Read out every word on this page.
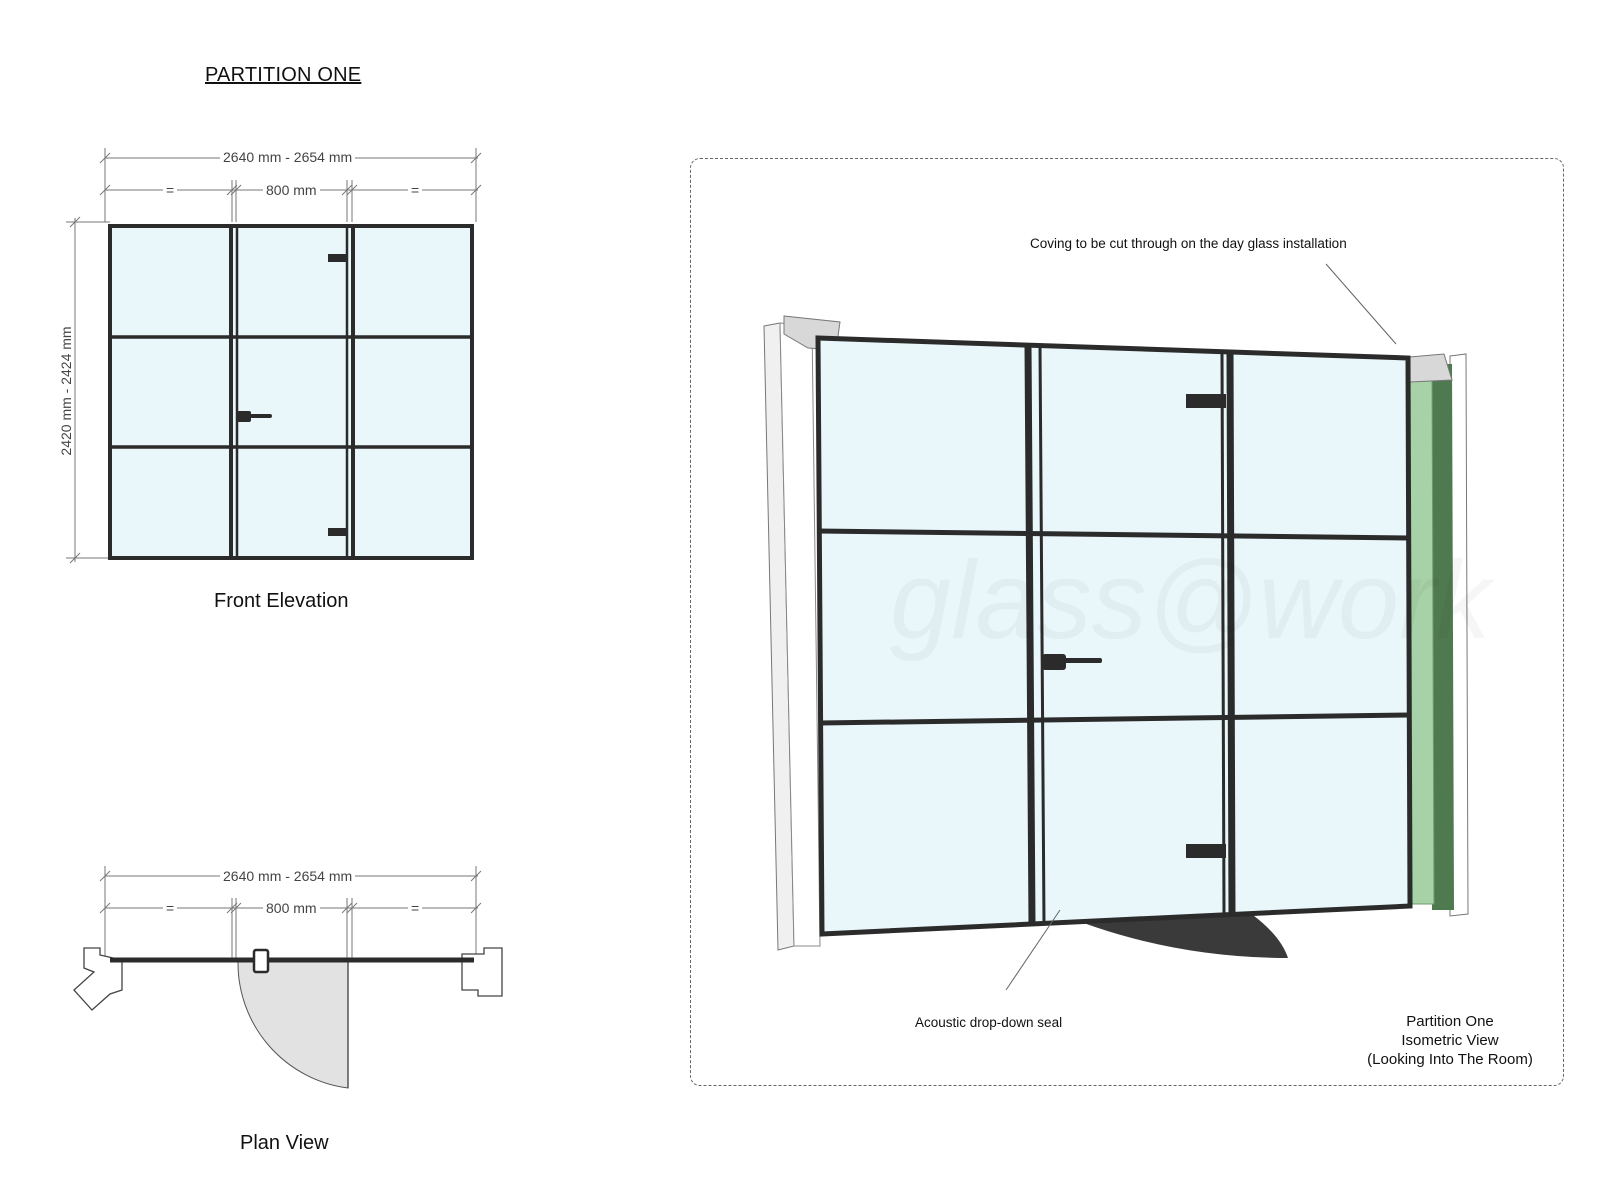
PARTITION ONE
2640 mm - 2654 mm
=	800 mm	=
2420 mm - 2424 mm
Front Elevation
2640 mm - 2654 mm
=	800 mm	=
Plan View
glass@work
Coving to be cut through on the day glass installation
Acoustic drop-down seal	Partition One
Isometric View
(Looking Into The Room)
